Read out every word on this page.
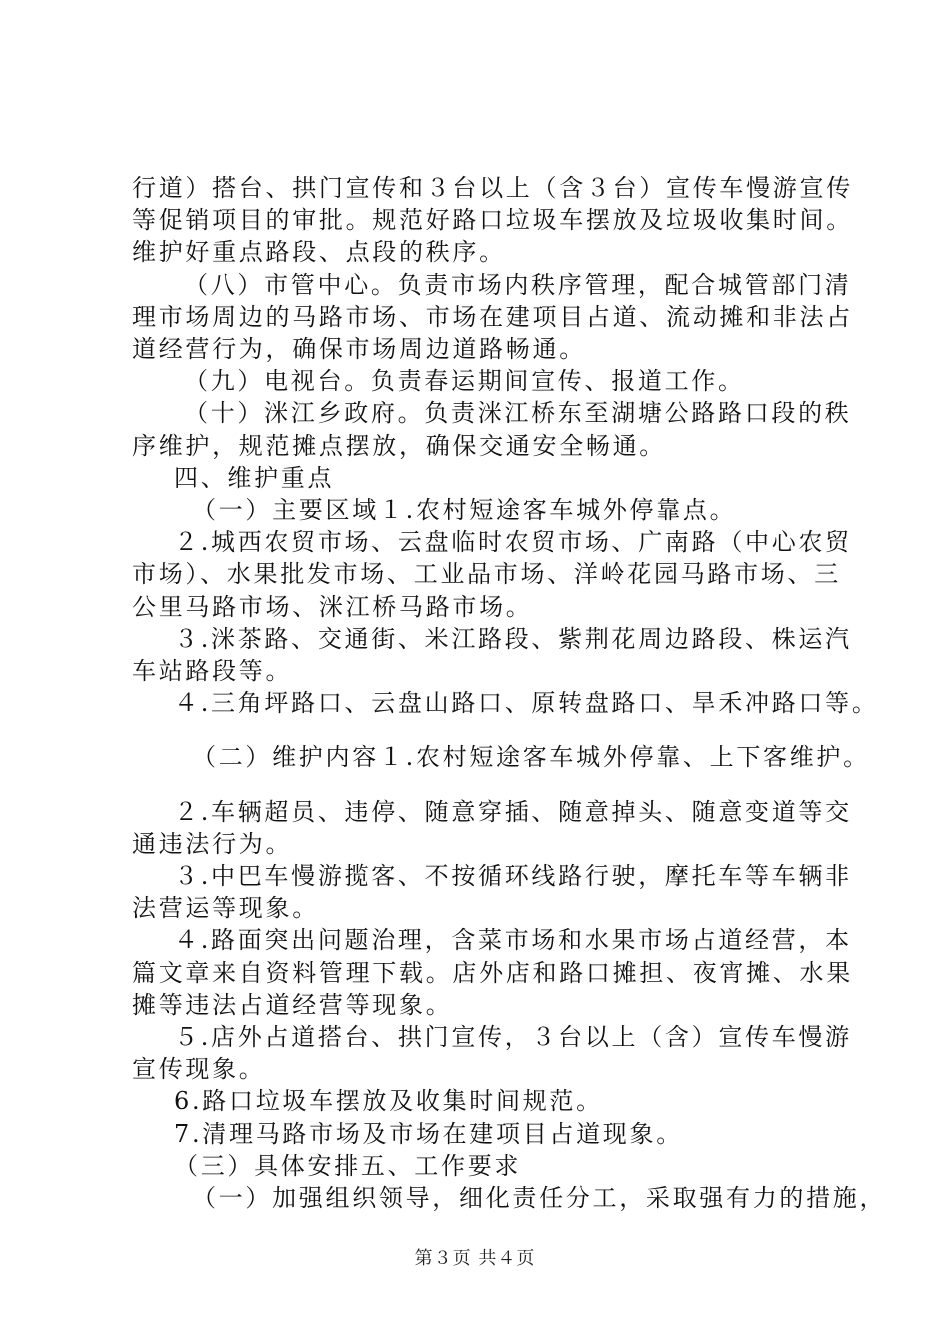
行道）搭台、拱门宣传和３台以上（含３台）宣传车慢游宣传
等促销项目的审批。规范好路口垃圾车摆放及垃圾收集时间。
维护好重点路段、点段的秩序。
（八）市管中心。负责市场内秩序管理，配合城管部门清
理市场周边的马路市场、市场在建项目占道、流动摊和非法占
道经营行为，确保市场周边道路畅通。
（九）电视台。负责春运期间宣传、报道工作。
（十）洣江乡政府。负责洣江桥东至湖塘公路路口段的秩
序维护，规范摊点摆放，确保交通安全畅通。
四、维护重点
（一）主要区域１.农村短途客车城外停靠点。
２.城西农贸市场、云盘临时农贸市场、广南路（中心农贸
市场）、水果批发市场、工业品市场、洋岭花园马路市场、三
公里马路市场、洣江桥马路市场。
３.洣茶路、交通街、米江路段、紫荆花周边路段、株运汽
车站路段等。
４.三角坪路口、云盘山路口、原转盘路口、旱禾冲路口等。
（二）维护内容１.农村短途客车城外停靠、上下客维护。
２.车辆超员、违停、随意穿插、随意掉头、随意变道等交
通违法行为。
３.中巴车慢游揽客、不按循环线路行驶，摩托车等车辆非
法营运等现象。
４.路面突出问题治理，含菜市场和水果市场占道经营，本
篇文章来自资料管理下载。店外店和路口摊担、夜宵摊、水果
摊等违法占道经营等现象。
５.店外占道搭台、拱门宣传，３台以上（含）宣传车慢游
宣传现象。
6.路口垃圾车摆放及收集时间规范。
7.清理马路市场及市场在建项目占道现象。
（三）具体安排五、工作要求
（一）加强组织领导，细化责任分工，采取强有力的措施，
第３页 共４页
